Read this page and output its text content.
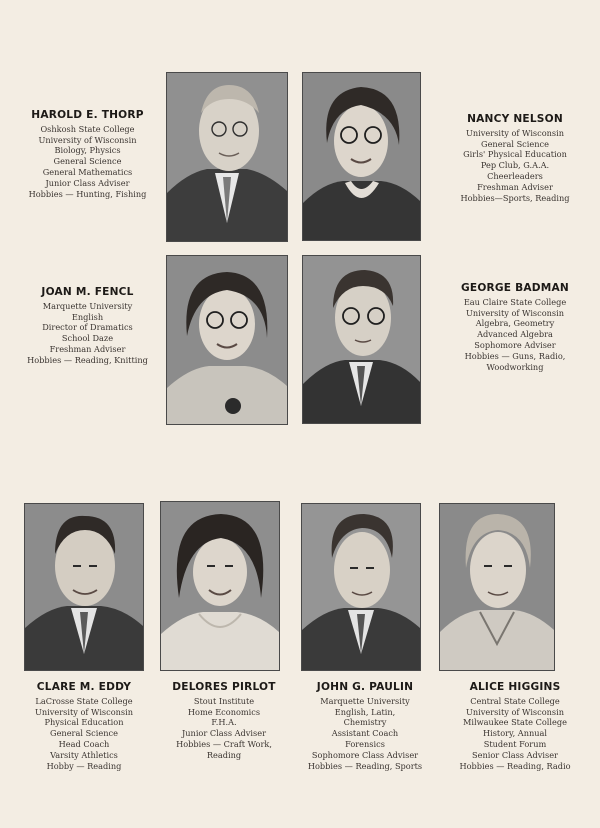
HAROLD E. THORP
Oshkosh State College
University of Wisconsin
Biology, Physics
General Science
General Mathematics
Junior Class Adviser
Hobbies — Hunting, Fishing
NANCY NELSON
University of Wisconsin
General Science
Girls' Physical Education
Pep Club, G.A.A.
Cheerleaders
Freshman Adviser
Hobbies—Sports, Reading
JOAN M. FENCL
Marquette University
English
Director of Dramatics
School Daze
Freshman Adviser
Hobbies — Reading, Knitting
GEORGE BADMAN
Eau Claire State College
University of Wisconsin
Algebra, Geometry
Advanced Algebra
Sophomore Adviser
Hobbies — Guns, Radio,
Woodworking
CLARE M. EDDY
LaCrosse State College
University of Wisconsin
Physical Education
General Science
Head Coach
Varsity Athletics
Hobby — Reading
DELORES PIRLOT
Stout Institute
Home Economics
F.H.A.
Junior Class Adviser
Hobbies — Craft Work,
Reading
JOHN G. PAULIN
Marquette University
English, Latin,
Chemistry
Assistant Coach
Forensics
Sophomore Class Adviser
Hobbies — Reading, Sports
ALICE HIGGINS
Central State College
University of Wisconsin
Milwaukee State College
History, Annual
Student Forum
Senior Class Adviser
Hobbies — Reading, Radio
